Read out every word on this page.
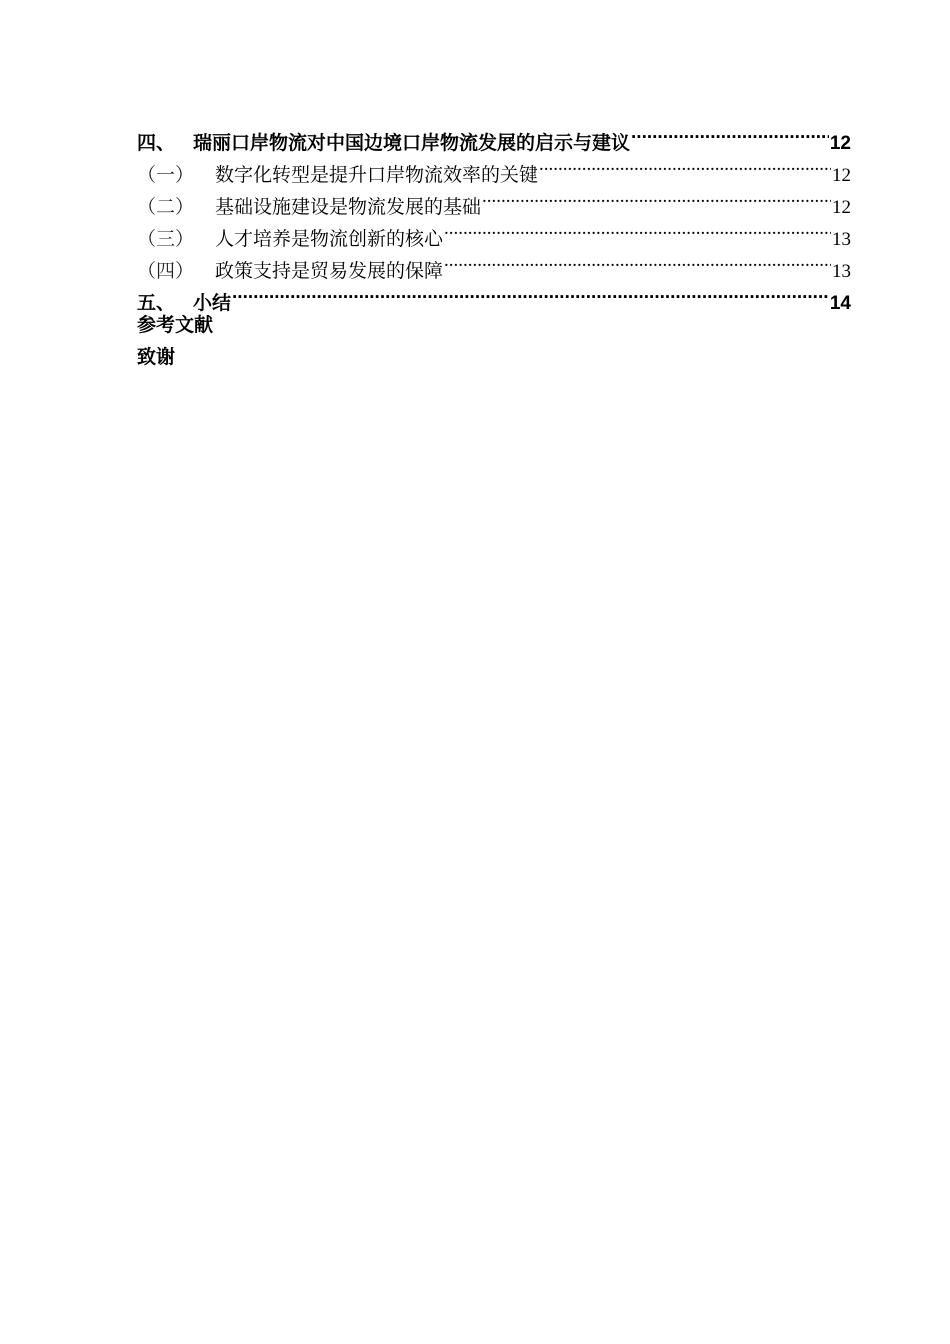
四、 瑞丽口岸物流对中国边境口岸物流发展的启示与建议 .....	12
（一）	数字化转型是提升口岸物流效率的关键 .....	12
（二）	基础设施建设是物流发展的基础 .....	12
（三）	人才培养是物流创新的核心 .....	13
（四）	政策支持是贸易发展的保障 .....	13
五、 小结 .....	14
参考文献
致谢
